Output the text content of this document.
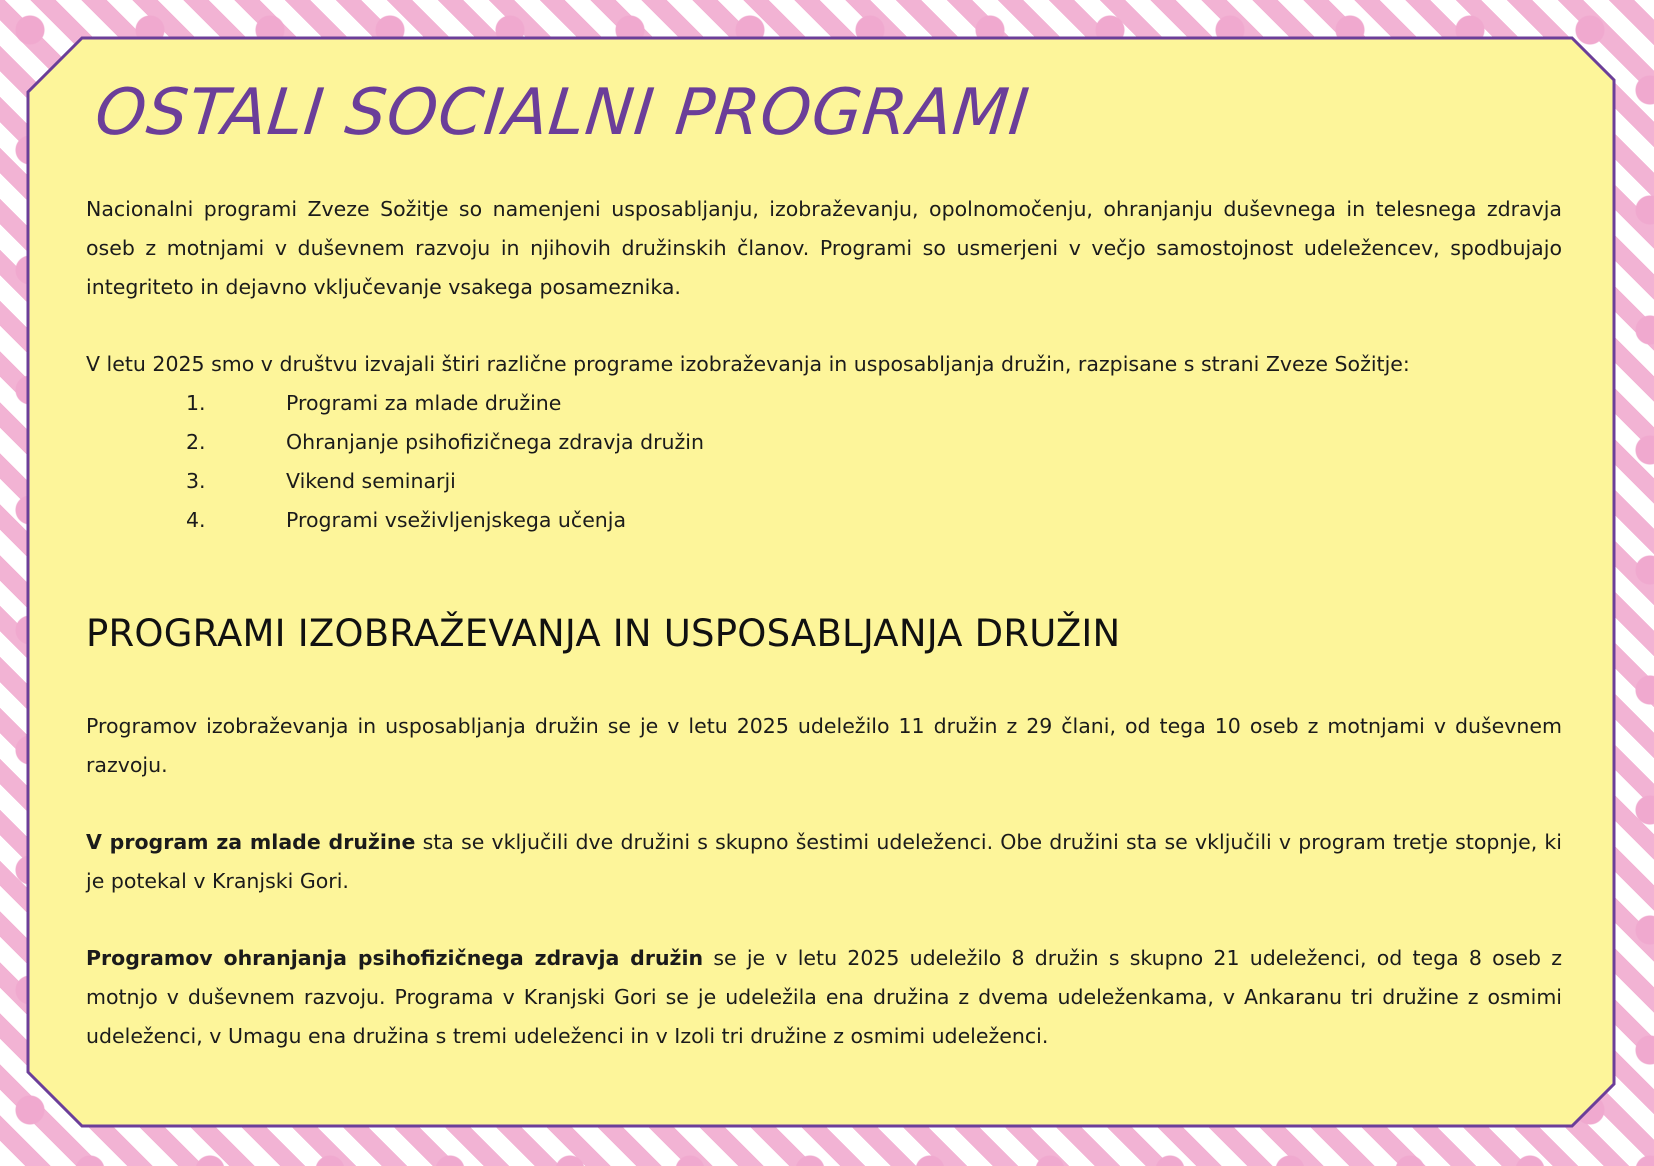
OSTALI SOCIALNI PROGRAMI

Nacionalni programi Zveze Sožitje so namenjeni usposabljanju, izobraževanju, opolnomočenju, ohranjanju duševnega in telesnega zdravja oseb z motnjami v duševnem razvoju in njihovih družinskih članov. Programi so usmerjeni v večjo samostojnost udeležencev, spodbujajo integriteto in dejavno vključevanje vsakega posameznika.

V letu 2025 smo v društvu izvajali štiri različne programe izobraževanja in usposabljanja družin, razpisane s strani Zveze Sožitje:

1.	Programi za mlade družine
2.	Ohranjanje psihofizičnega zdravja družin
3.	Vikend seminarji
4.	Programi vseživljenjskega učenja
PROGRAMI IZOBRAŽEVANJA IN USPOSABLJANJA DRUŽIN

Programov izobraževanja in usposabljanja družin se je v letu 2025 udeležilo 11 družin z 29 člani, od tega 10 oseb z motnjami v duševnem razvoju.

V program za mlade družine sta se vključili dve družini s skupno šestimi udeleženci. Obe družini sta se vključili v program tretje stopnje, ki je potekal v Kranjski Gori.

Programov ohranjanja psihofizičnega zdravja družin se je v letu 2025 udeležilo 8 družin s skupno 21 udeleženci, od tega 8 oseb z motnjo v duševnem razvoju. Programa v Kranjski Gori se je udeležila ena družina z dvema udeleženkama, v Ankaranu tri družine z osmimi udeleženci, v Umagu ena družina s tremi udeleženci in v Izoli tri družine z osmimi udeleženci.
